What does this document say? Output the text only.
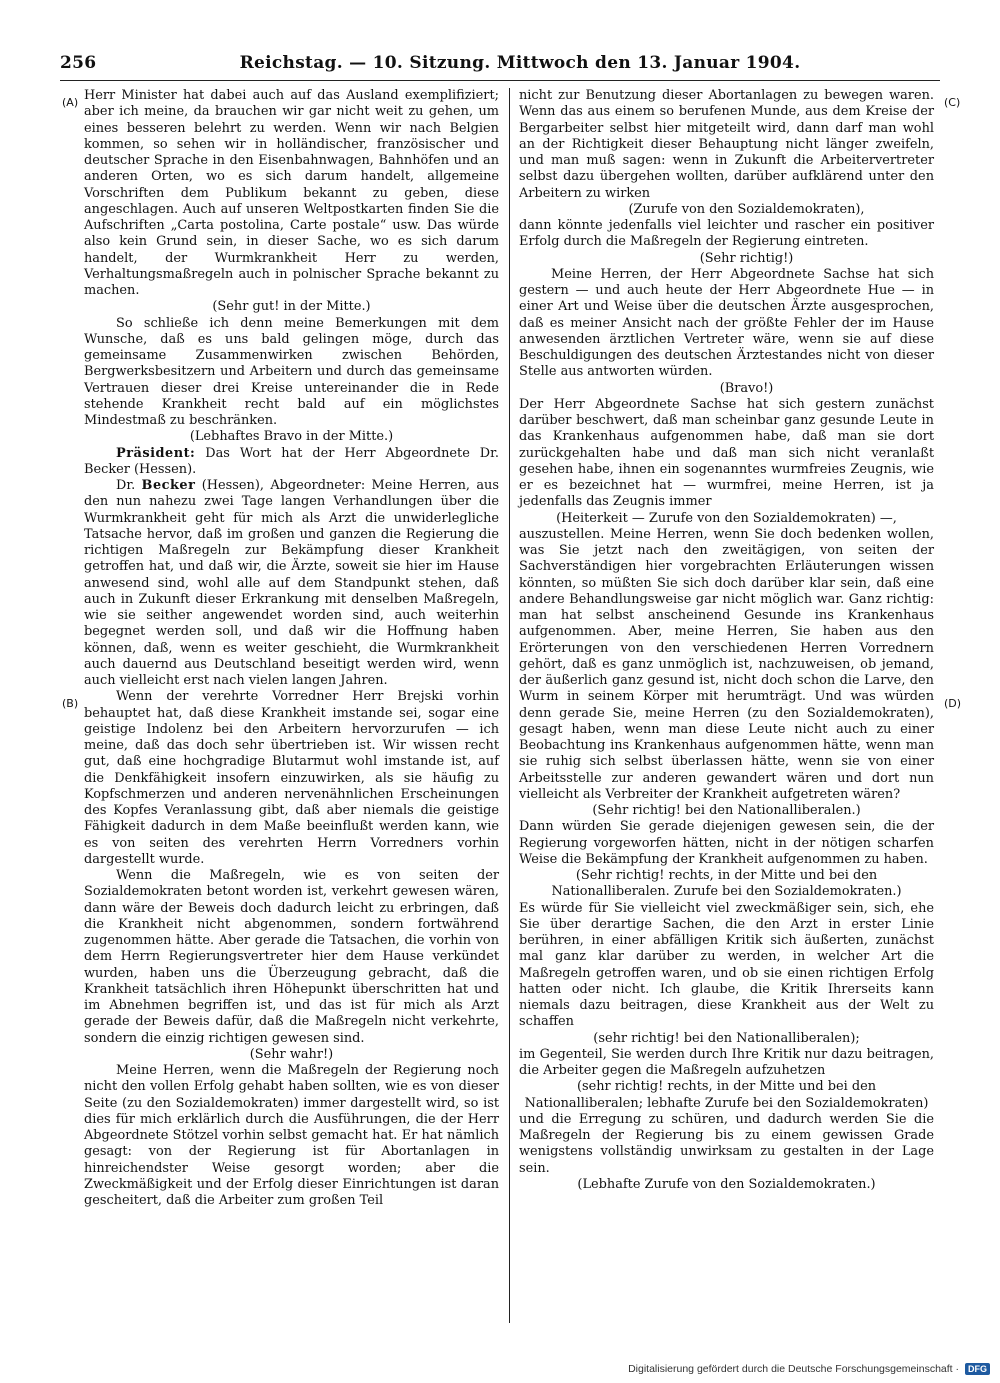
256	Reichstag. — 10. Sitzung. Mittwoch den 13. Januar 1904.
(A)
(B)
(C)
(D)

Herr Minister hat dabei auch auf das Ausland exemplifiziert; aber ich meine, da brauchen wir gar nicht weit zu gehen, um eines besseren belehrt zu werden. Wenn wir nach Belgien kommen, so sehen wir in holländischer, französischer und deutscher Sprache in den Eisenbahnwagen, Bahnhöfen und an anderen Orten, wo es sich darum handelt, allgemeine Vorschriften dem Publikum bekannt zu geben, diese angeschlagen. Auch auf unseren Weltpostkarten finden Sie die Aufschriften „Carta postolina, Carte postale“ usw. Das würde also kein Grund sein, in dieser Sache, wo es sich darum handelt, der Wurmkrankheit Herr zu werden, Verhaltungsmaßregeln auch in polnischer Sprache bekannt zu machen.

(Sehr gut! in der Mitte.)

So schließe ich denn meine Bemerkungen mit dem Wunsche, daß es uns bald gelingen möge, durch das gemeinsame Zusammenwirken zwischen Behörden, Bergwerksbesitzern und Arbeitern und durch das gemeinsame Vertrauen dieser drei Kreise untereinander die in Rede stehende Krankheit recht bald auf ein möglichstes Mindestmaß zu beschränken.

(Lebhaftes Bravo in der Mitte.)

Präsident: Das Wort hat der Herr Abgeordnete Dr. Becker (Hessen).

Dr. Becker (Hessen), Abgeordneter: Meine Herren, aus den nun nahezu zwei Tage langen Verhandlungen über die Wurmkrankheit geht für mich als Arzt die unwiderlegliche Tatsache hervor, daß im großen und ganzen die Regierung die richtigen Maßregeln zur Bekämpfung dieser Krankheit getroffen hat, und daß wir, die Ärzte, soweit sie hier im Hause anwesend sind, wohl alle auf dem Standpunkt stehen, daß auch in Zukunft dieser Erkrankung mit denselben Maßregeln, wie sie seither angewendet worden sind, auch weiterhin begegnet werden soll, und daß wir die Hoffnung haben können, daß, wenn es weiter geschieht, die Wurmkrankheit auch dauernd aus Deutschland beseitigt werden wird, wenn auch vielleicht erst nach vielen langen Jahren.

Wenn der verehrte Vorredner Herr Brejski vorhin behauptet hat, daß diese Krankheit imstande sei, sogar eine geistige Indolenz bei den Arbeitern hervorzurufen — ich meine, daß das doch sehr übertrieben ist. Wir wissen recht gut, daß eine hochgradige Blutarmut wohl imstande ist, auf die Denkfähigkeit insofern einzuwirken, als sie häufig zu Kopfschmerzen und anderen nervenähnlichen Erscheinungen des Kopfes Veranlassung gibt, daß aber niemals die geistige Fähigkeit dadurch in dem Maße beeinflußt werden kann, wie es von seiten des verehrten Herrn Vorredners vorhin dargestellt wurde.

Wenn die Maßregeln, wie es von seiten der Sozialdemokraten betont worden ist, verkehrt gewesen wären, dann wäre der Beweis doch dadurch leicht zu erbringen, daß die Krankheit nicht abgenommen, sondern fortwährend zugenommen hätte. Aber gerade die Tatsachen, die vorhin von dem Herrn Regierungsvertreter hier dem Hause verkündet wurden, haben uns die Überzeugung gebracht, daß die Krankheit tatsächlich ihren Höhepunkt überschritten hat und im Abnehmen begriffen ist, und das ist für mich als Arzt gerade der Beweis dafür, daß die Maßregeln nicht verkehrte, sondern die einzig richtigen gewesen sind.

(Sehr wahr!)

Meine Herren, wenn die Maßregeln der Regierung noch nicht den vollen Erfolg gehabt haben sollten, wie es von dieser Seite (zu den Sozialdemokraten) immer dargestellt wird, so ist dies für mich erklärlich durch die Ausführungen, die der Herr Abgeordnete Stötzel vorhin selbst gemacht hat. Er hat nämlich gesagt: von der Regierung ist für Abortanlagen in hinreichendster Weise gesorgt worden; aber die Zweckmäßigkeit und der Erfolg dieser Einrichtungen ist daran gescheitert, daß die Arbeiter zum großen Teil

nicht zur Benutzung dieser Abortanlagen zu bewegen waren. Wenn das aus einem so berufenen Munde, aus dem Kreise der Bergarbeiter selbst hier mitgeteilt wird, dann darf man wohl an der Richtigkeit dieser Behauptung nicht länger zweifeln, und man muß sagen: wenn in Zukunft die Arbeitervertreter selbst dazu übergehen wollten, darüber aufklärend unter den Arbeitern zu wirken

(Zurufe von den Sozialdemokraten),

dann könnte jedenfalls viel leichter und rascher ein positiver Erfolg durch die Maßregeln der Regierung eintreten.

(Sehr richtig!)

Meine Herren, der Herr Abgeordnete Sachse hat sich gestern — und auch heute der Herr Abgeordnete Hue — in einer Art und Weise über die deutschen Ärzte ausgesprochen, daß es meiner Ansicht nach der größte Fehler der im Hause anwesenden ärztlichen Vertreter wäre, wenn sie auf diese Beschuldigungen des deutschen Ärztestandes nicht von dieser Stelle aus antworten würden.

(Bravo!)

Der Herr Abgeordnete Sachse hat sich gestern zunächst darüber beschwert, daß man scheinbar ganz gesunde Leute in das Krankenhaus aufgenommen habe, daß man sie dort zurückgehalten habe und daß man sich nicht veranlaßt gesehen habe, ihnen ein sogenanntes wurmfreies Zeugnis, wie er es bezeichnet hat — wurmfrei, meine Herren, ist ja jedenfalls das Zeugnis immer

(Heiterkeit — Zurufe von den Sozialdemokraten) —,

auszustellen. Meine Herren, wenn Sie doch bedenken wollen, was Sie jetzt nach den zweitägigen, von seiten der Sachverständigen hier vorgebrachten Erläuterungen wissen könnten, so müßten Sie sich doch darüber klar sein, daß eine andere Behandlungsweise gar nicht möglich war. Ganz richtig: man hat selbst anscheinend Gesunde ins Krankenhaus aufgenommen. Aber, meine Herren, Sie haben aus den Erörterungen von den verschiedenen Herren Vorrednern gehört, daß es ganz unmöglich ist, nachzuweisen, ob jemand, der äußerlich ganz gesund ist, nicht doch schon die Larve, den Wurm in seinem Körper mit herumträgt. Und was würden denn gerade Sie, meine Herren (zu den Sozialdemokraten), gesagt haben, wenn man diese Leute nicht auch zu einer Beobachtung ins Krankenhaus aufgenommen hätte, wenn man sie ruhig sich selbst überlassen hätte, wenn sie von einer Arbeitsstelle zur anderen gewandert wären und dort nun vielleicht als Verbreiter der Krankheit aufgetreten wären?

(Sehr richtig! bei den Nationalliberalen.)

Dann würden Sie gerade diejenigen gewesen sein, die der Regierung vorgeworfen hätten, nicht in der nötigen scharfen Weise die Bekämpfung der Krankheit aufgenommen zu haben.

(Sehr richtig! rechts, in der Mitte und bei den Nationalliberalen. Zurufe bei den Sozialdemokraten.)

Es würde für Sie vielleicht viel zweckmäßiger sein, sich, ehe Sie über derartige Sachen, die den Arzt in erster Linie berühren, in einer abfälligen Kritik sich äußerten, zunächst mal ganz klar darüber zu werden, in welcher Art die Maßregeln getroffen waren, und ob sie einen richtigen Erfolg hatten oder nicht. Ich glaube, die Kritik Ihrerseits kann niemals dazu beitragen, diese Krankheit aus der Welt zu schaffen

(sehr richtig! bei den Nationalliberalen);

im Gegenteil, Sie werden durch Ihre Kritik nur dazu beitragen, die Arbeiter gegen die Maßregeln aufzuhetzen

(sehr richtig! rechts, in der Mitte und bei den Nationalliberalen; lebhafte Zurufe bei den Sozialdemokraten)

und die Erregung zu schüren, und dadurch werden Sie die Maßregeln der Regierung bis zu einem gewissen Grade wenigstens vollständig unwirksam zu gestalten in der Lage sein.

(Lebhafte Zurufe von den Sozialdemokraten.)

Digitalisierung gefördert durch die Deutsche Forschungsgemeinschaft ·	DFG
